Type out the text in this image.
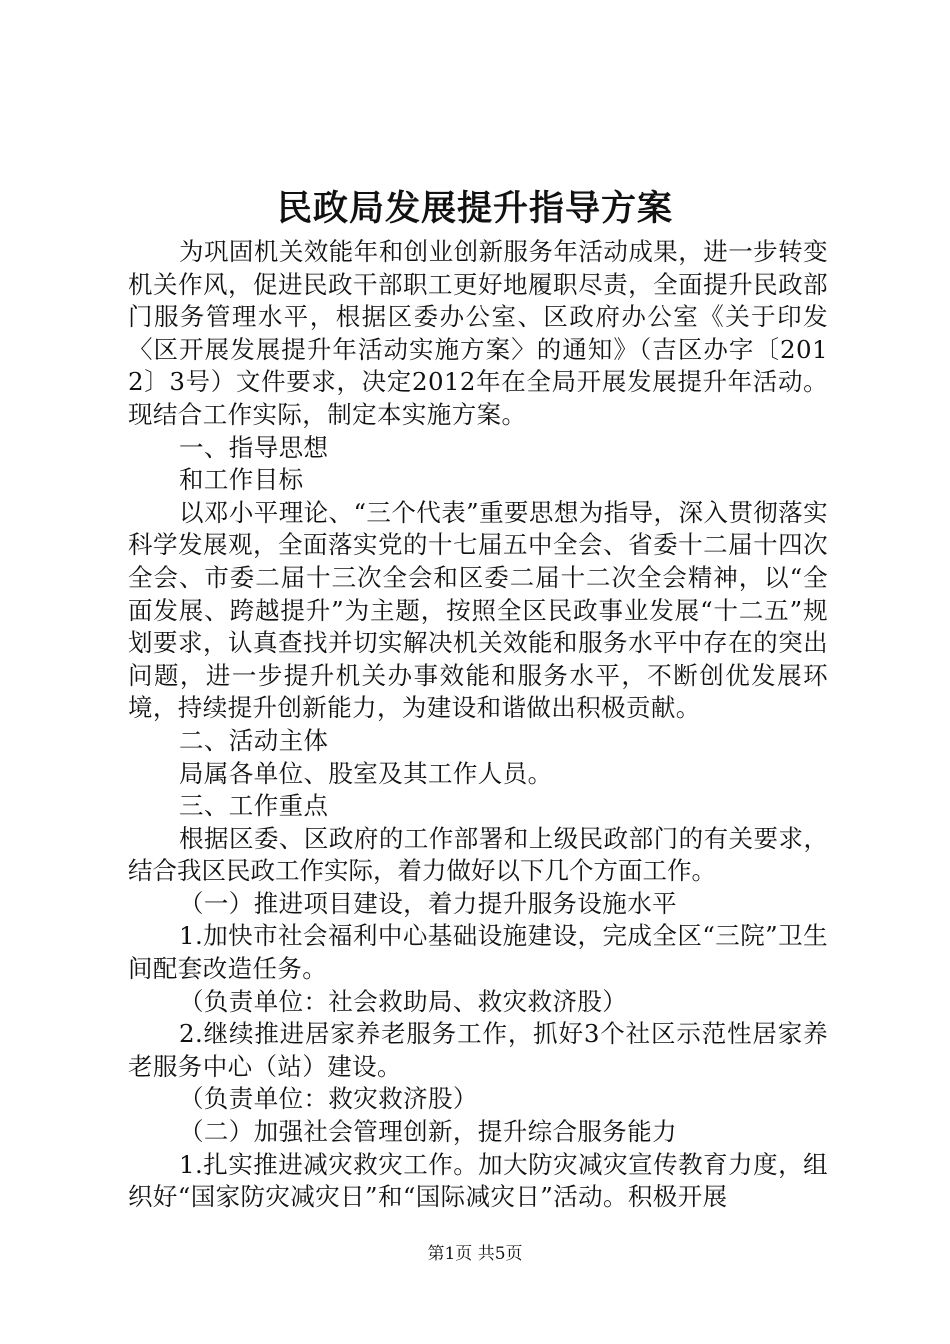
民政局发展提升指导方案

为巩固机关效能年和创业创新服务年活动成果，进一步转变机关作风，促进民政干部职工更好地履职尽责，全面提升民政部门服务管理水平，根据区委办公室、区政府办公室《关于印发〈区开展发展提升年活动实施方案〉的通知》（吉区办字〔2012〕3号）文件要求，决定2012年在全局开展发展提升年活动。现结合工作实际，制定本实施方案。

一、指导思想

和工作目标

以邓小平理论、“三个代表”重要思想为指导，深入贯彻落实科学发展观，全面落实党的十七届五中全会、省委十二届十四次全会、市委二届十三次全会和区委二届十二次全会精神，以“全面发展、跨越提升”为主题，按照全区民政事业发展“十二五”规划要求，认真查找并切实解决机关效能和服务水平中存在的突出问题，进一步提升机关办事效能和服务水平，不断创优发展环境，持续提升创新能力，为建设和谐做出积极贡献。

二、活动主体

局属各单位、股室及其工作人员。

三、工作重点

根据区委、区政府的工作部署和上级民政部门的有关要求，结合我区民政工作实际，着力做好以下几个方面工作。

（一）推进项目建设，着力提升服务设施水平

1.加快市社会福利中心基础设施建设，完成全区“三院”卫生间配套改造任务。

（负责单位：社会救助局、救灾救济股）

2.继续推进居家养老服务工作，抓好3个社区示范性居家养老服务中心（站）建设。

（负责单位：救灾救济股）

（二）加强社会管理创新，提升综合服务能力

1.扎实推进减灾救灾工作。加大防灾减灾宣传教育力度，组织好“国家防灾减灾日”和“国际减灾日”活动。积极开展

第1页 共5页
